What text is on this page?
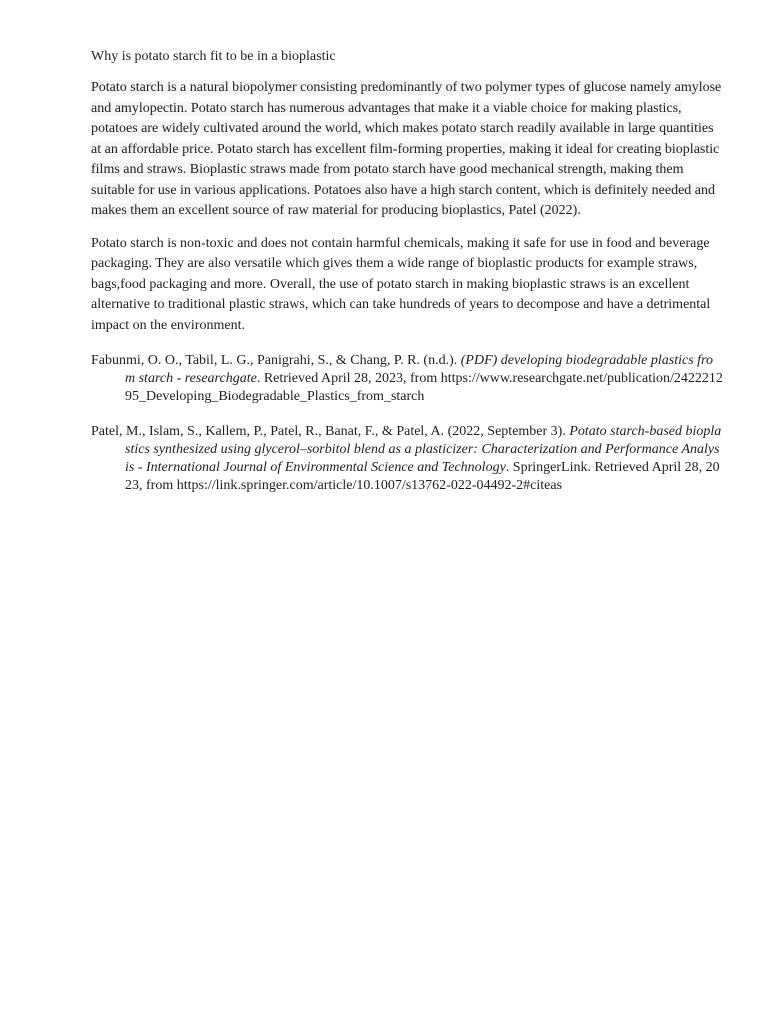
Why is potato starch fit to be in a bioplastic

Potato starch is a natural biopolymer consisting predominantly of two polymer types of glucose namely amylose and amylopectin. Potato starch has numerous advantages that make it a viable choice for making plastics, potatoes are widely cultivated around the world, which makes potato starch readily available in large quantities at an affordable price. Potato starch has excellent film-forming properties, making it ideal for creating bioplastic films and straws. Bioplastic straws made from potato starch have good mechanical strength, making them suitable for use in various applications. Potatoes also have a high starch content, which is definitely needed and makes them an excellent source of raw material for producing bioplastics, Patel (2022).

Potato starch is non-toxic and does not contain harmful chemicals, making it safe for use in food and beverage packaging. They are also versatile which gives them a wide range of bioplastic products for example straws, bags,food packaging and more. Overall, the use of potato starch in making bioplastic straws is an excellent alternative to traditional plastic straws, which can take hundreds of years to decompose and have a detrimental impact on the environment.

Fabunmi, O. O., Tabil, L. G., Panigrahi, S., & Chang, P. R. (n.d.). (PDF) developing biodegradable plastics from starch - researchgate. Retrieved April 28, 2023, from https://www.researchgate.net/publication/242221295_Developing_Biodegradable_Plastics_from_starch
Patel, M., Islam, S., Kallem, P., Patel, R., Banat, F., & Patel, A. (2022, September 3). Potato starch-based bioplastics synthesized using glycerol–sorbitol blend as a plasticizer: Characterization and Performance Analysis - International Journal of Environmental Science and Technology. SpringerLink. Retrieved April 28, 2023, from https://link.springer.com/article/10.1007/s13762-022-04492-2#citeas
